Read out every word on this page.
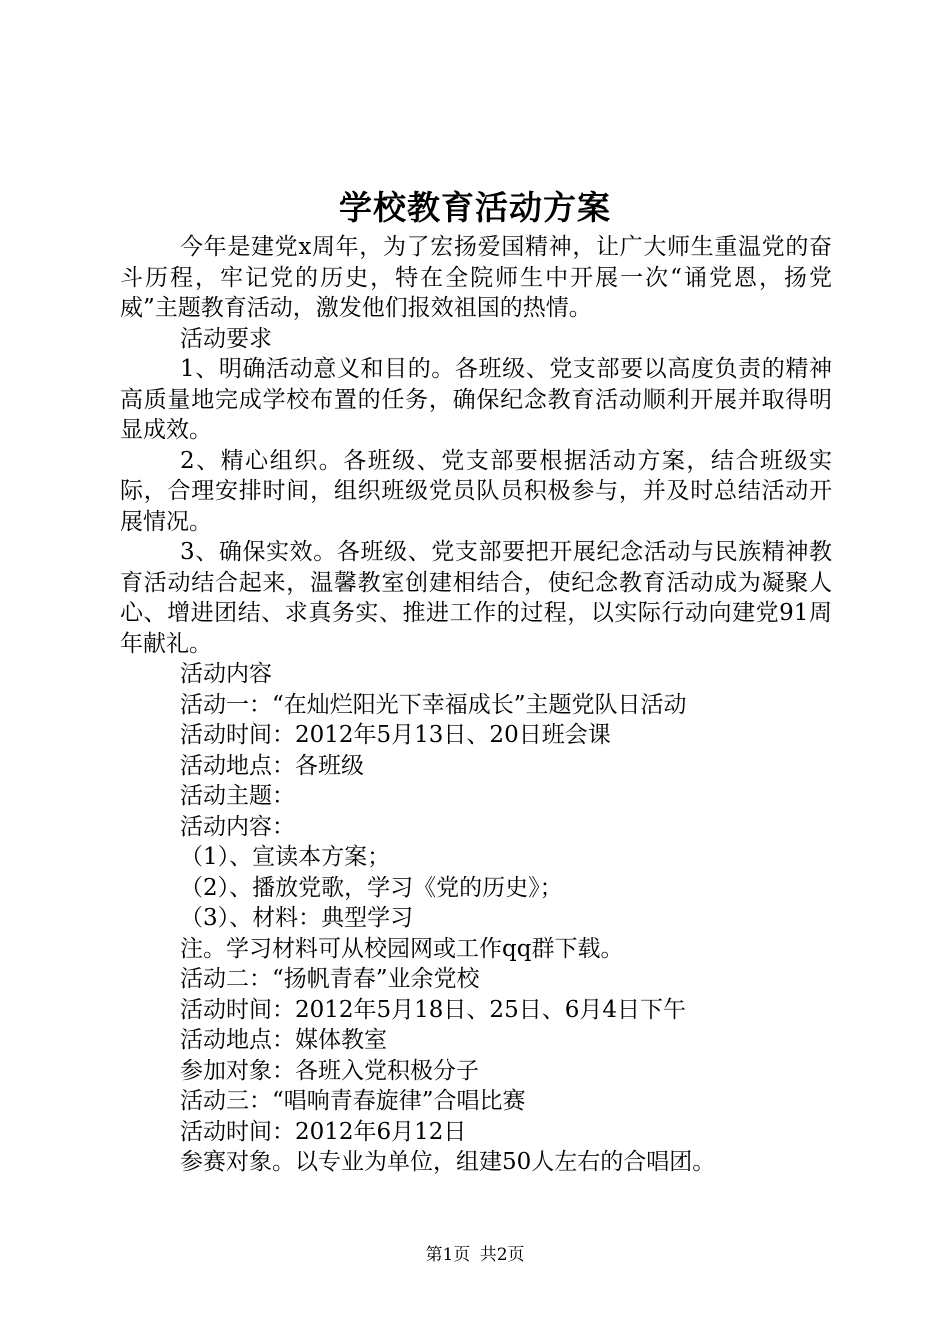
学校教育活动方案

今年是建党x周年，为了宏扬爱国精神，让广大师生重温党的奋斗历程，牢记党的历史，特在全院师生中开展一次“诵党恩，扬党威”主题教育活动，激发他们报效祖国的热情。

活动要求

1、明确活动意义和目的。各班级、党支部要以高度负责的精神高质量地完成学校布置的任务，确保纪念教育活动顺利开展并取得明显成效。

2、精心组织。各班级、党支部要根据活动方案，结合班级实际，合理安排时间，组织班级党员队员积极参与，并及时总结活动开展情况。

3、确保实效。各班级、党支部要把开展纪念活动与民族精神教育活动结合起来，温馨教室创建相结合，使纪念教育活动成为凝聚人心、增进团结、求真务实、推进工作的过程，以实际行动向建党91周年献礼。

活动内容

活动一：“在灿烂阳光下幸福成长”主题党队日活动

活动时间：2012年5月13日、20日班会课

活动地点：各班级

活动主题：

活动内容：

（1）、宣读本方案；

（2）、播放党歌，学习《党的历史》；

（3）、材料：典型学习

注。学习材料可从校园网或工作qq群下载。

活动二：“扬帆青春”业余党校

活动时间：2012年5月18日、25日、6月4日下午

活动地点：媒体教室

参加对象：各班入党积极分子

活动三：“唱响青春旋律”合唱比赛

活动时间：2012年6月12日

参赛对象。以专业为单位，组建50人左右的合唱团。

第1页 共2页
